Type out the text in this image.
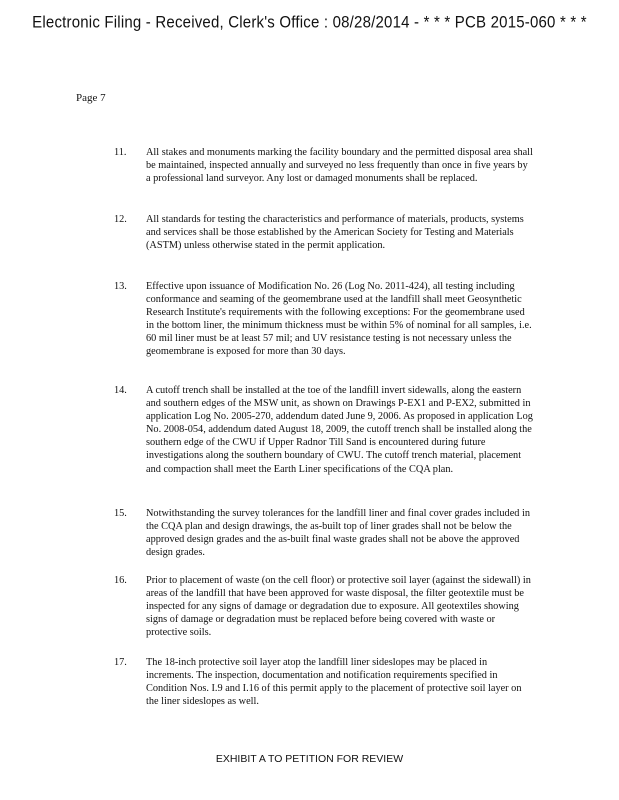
Electronic Filing - Received, Clerk's Office : 08/28/2014 - * * * PCB 2015-060 * * *
Page 7
11.	All stakes and monuments marking the facility boundary and the permitted disposal area shall be maintained, inspected annually and surveyed no less frequently than once in five years by a professional land surveyor. Any lost or damaged monuments shall be replaced.
12.	All standards for testing the characteristics and performance of materials, products, systems and services shall be those established by the American Society for Testing and Materials (ASTM) unless otherwise stated in the permit application.
13.	Effective upon issuance of Modification No. 26 (Log No. 2011-424), all testing including conformance and seaming of the geomembrane used at the landfill shall meet Geosynthetic Research Institute's requirements with the following exceptions: For the geomembrane used in the bottom liner, the minimum thickness must be within 5% of nominal for all samples, i.e. 60 mil liner must be at least 57 mil; and UV resistance testing is not necessary unless the geomembrane is exposed for more than 30 days.
14.	A cutoff trench shall be installed at the toe of the landfill invert sidewalls, along the eastern and southern edges of the MSW unit, as shown on Drawings P-EX1 and P-EX2, submitted in application Log No. 2005-270, addendum dated June 9, 2006. As proposed in application Log No. 2008-054, addendum dated August 18, 2009, the cutoff trench shall be installed along the southern edge of the CWU if Upper Radnor Till Sand is encountered during future investigations along the southern boundary of CWU. The cutoff trench material, placement and compaction shall meet the Earth Liner specifications of the CQA plan.
15.	Notwithstanding the survey tolerances for the landfill liner and final cover grades included in the CQA plan and design drawings, the as-built top of liner grades shall not be below the approved design grades and the as-built final waste grades shall not be above the approved design grades.
16.	Prior to placement of waste (on the cell floor) or protective soil layer (against the sidewall) in areas of the landfill that have been approved for waste disposal, the filter geotextile must be inspected for any signs of damage or degradation due to exposure. All geotextiles showing signs of damage or degradation must be replaced before being covered with waste or protective soils.
17.	The 18-inch protective soil layer atop the landfill liner sideslopes may be placed in increments. The inspection, documentation and notification requirements specified in Condition Nos. I.9 and I.16 of this permit apply to the placement of protective soil layer on the liner sideslopes as well.
EXHIBIT A TO PETITION FOR REVIEW
